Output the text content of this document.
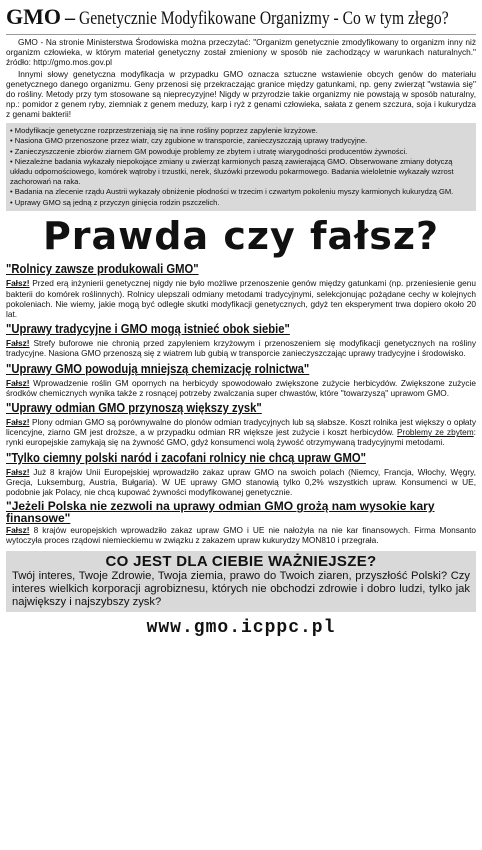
GMO – Genetycznie Modyfikowane Organizmy - Co w tym złego?

GMO - Na stronie Ministerstwa Środowiska można przeczytać: "Organizm genetycznie zmodyfikowany to organizm inny niż organizm człowieka, w którym materiał genetyczny został zmieniony w sposób nie zachodzący w warunkach naturalnych." źródło: http://gmo.mos.gov.pl

Innymi słowy genetyczna modyfikacja w przypadku GMO oznacza sztuczne wstawienie obcych genów do materiału genetycznego danego organizmu. Geny przenosi się przekraczając granice między gatunkami, np. geny zwierząt "wstawia się" do rośliny. Metody przy tym stosowane są nieprecyzyjne! Nigdy w przyrodzie takie organizmy nie powstają w sposób naturalny, np.: pomidor z genem ryby, ziemniak z genem meduzy, karp i ryż z genami człowieka, sałata z genem szczura, soja i kukurydza z genami bakterii!

• Modyfikacje genetyczne rozprzestrzeniają się na inne rośliny poprzez zapylenie krzyżowe.
• Nasiona GMO przenoszone przez wiatr, czy zgubione w transporcie, zanieczyszczają uprawy tradycyjne.
• Zanieczyszczenie zbiorów ziarnem GM powoduje problemy ze zbytem i utratę wiarygodności producentów żywności.
• Niezależne badania wykazały niepokojące zmiany u zwierząt karmionych paszą zawierającą GMO. Obserwowane zmiany dotyczą układu odpornościowego, komórek wątroby i trzustki, nerek, śluzówki przewodu pokarmowego. Badania wieloletnie wykazały wzrost zachorowań na raka.
• Badania na zlecenie rządu Austrii wykazały obniżenie płodności w trzecim i czwartym pokoleniu myszy karmionych kukurydzą GM.
• Uprawy GMO są jedną z przyczyn ginięcia rodzin pszczelich.
Prawda czy fałsz?
"Rolnicy zawsze produkowali GMO"
Fałsz! Przed erą inżynierii genetycznej nigdy nie było możliwe przenoszenie genów między gatunkami (np. przeniesienie genu bakterii do komórek roślinnych). Rolnicy ulepszali odmiany metodami tradycyjnymi, selekcjonując pożądane cechy w kolejnych pokoleniach. Nie wiemy, jakie mogą być odległe skutki modyfikacji genetycznych, gdyż ten eksperyment trwa dopiero około 20 lat.
"Uprawy tradycyjne i GMO mogą istnieć obok siebie"
Fałsz! Strefy buforowe nie chronią przed zapyleniem krzyżowym i przenoszeniem się modyfikacji genetycznych na rośliny tradycyjne. Nasiona GMO przenoszą się z wiatrem lub gubią w transporcie zanieczyszczając uprawy tradycyjne i środowisko.
"Uprawy GMO powodują mniejszą chemizację rolnictwa"
Fałsz! Wprowadzenie roślin GM opornych na herbicydy spowodowało zwiększone zużycie herbicydów. Zwiększone zużycie środków chemicznych wynika także z rosnącej potrzeby zwalczania super chwastów, które "towarzyszą" uprawom GMO.
"Uprawy odmian GMO przynoszą większy zysk"
Fałsz! Plony odmian GMO są porównywalne do plonów odmian tradycyjnych lub są słabsze. Koszt rolnika jest większy o opłaty licencyjne, ziarno GM jest droższe, a w przypadku odmian RR większe jest zużycie i koszt herbicydów. Problemy ze zbytem: rynki europejskie zamykają się na żywność GMO, gdyż konsumenci wolą żywość otrzymywaną tradycyjnymi metodami.
"Tylko ciemny polski naród i zacofani rolnicy nie chcą upraw GMO"
Fałsz! Już 8 krajów Unii Europejskiej wprowadziło zakaz upraw GMO na swoich polach (Niemcy, Francja, Włochy, Węgry, Grecja, Luksemburg, Austria, Bułgaria). W UE uprawy GMO stanowią tylko 0,2% wszystkich upraw. Konsumenci w UE, podobnie jak Polacy, nie chcą kupować żywności modyfikowanej genetycznie.
"Jeżeli Polska nie zezwoli na uprawy odmian GMO grożą nam wysokie kary finansowe"
Fałsz! 8 krajów europejskich wprowadziło zakaz upraw GMO i UE nie nałożyła na nie kar finansowych. Firma Monsanto wytoczyła proces rządowi niemieckiemu w związku z zakazem upraw kukurydzy MON810 i przegrała.
CO JEST DLA CIEBIE WAŻNIEJSZE?
Twój interes, Twoje Zdrowie, Twoja ziemia, prawo do Twoich ziaren, przyszłość Polski? Czy interes wielkich korporacji agrobiznesu, których nie obchodzi zdrowie i dobro ludzi, tylko jak największy i najszybszy zysk?
www.gmo.icppc.pl
